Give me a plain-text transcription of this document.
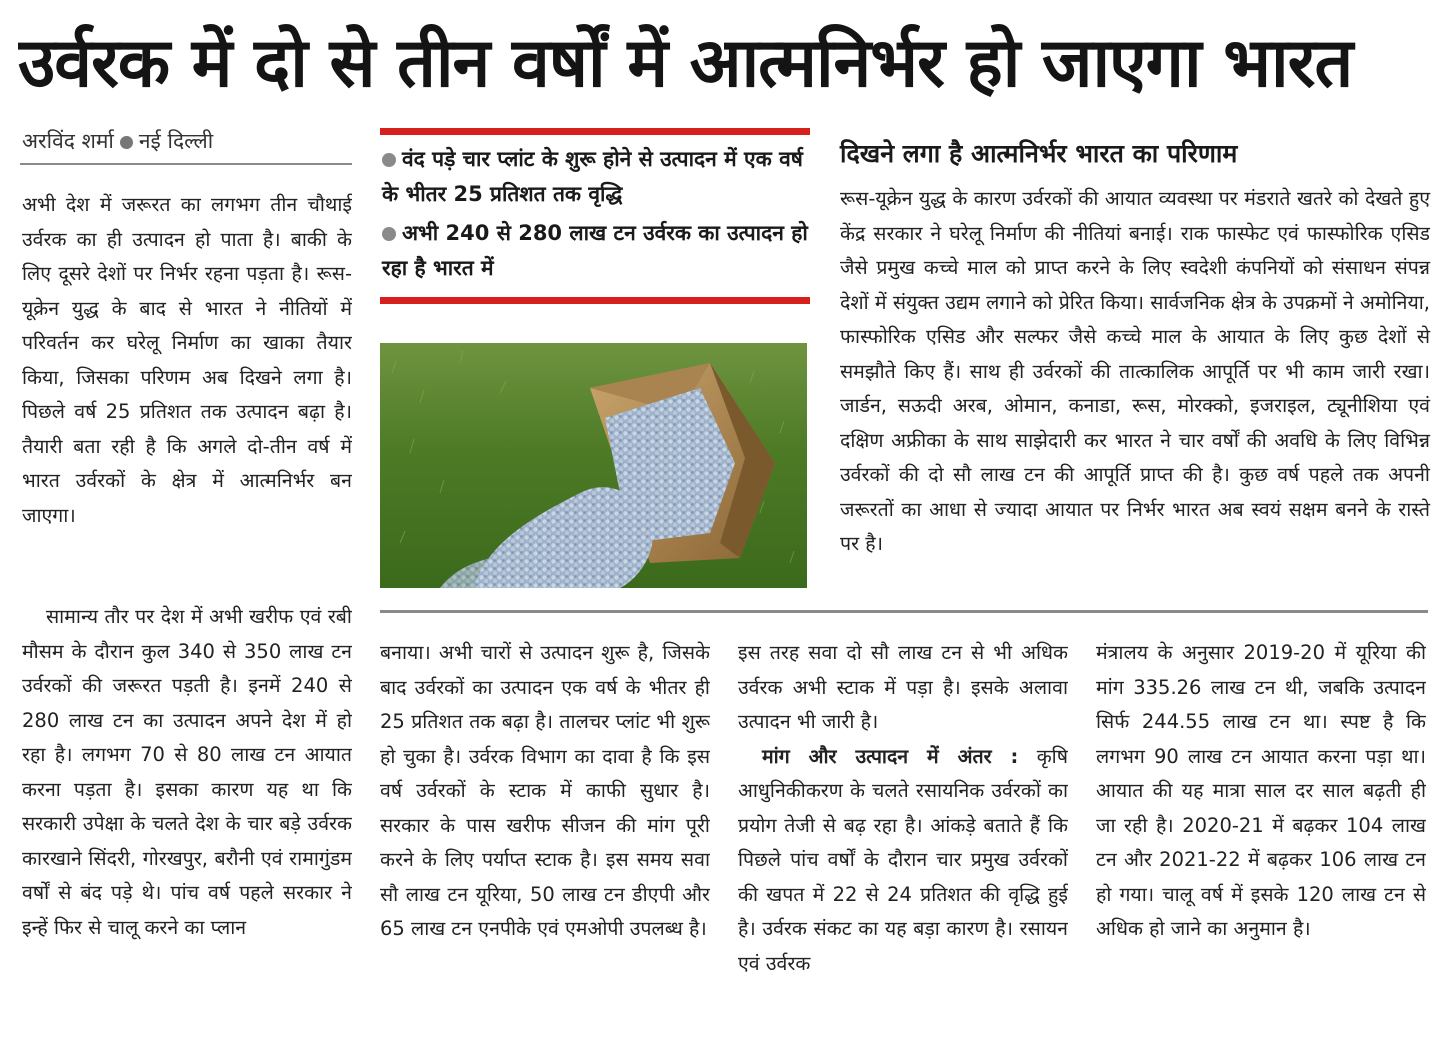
उर्वरक में दो से तीन वर्षों में आत्मनिर्भर हो जाएगा भारत
अरविंद शर्मा नई दिल्ली

अभी देश में जरूरत का लगभग तीन चौथाई उर्वरक का ही उत्पादन हो पाता है। बाकी के लिए दूसरे देशों पर निर्भर रहना पड़ता है। रूस-यूक्रेन युद्ध के बाद से भारत ने नीतियों में परिवर्तन कर घरेलू निर्माण का खाका तैयार किया, जिसका परिणम अब दिखने लगा है। पिछले वर्ष 25 प्रतिशत तक उत्पादन बढ़ा है। तैयारी बता रही है कि अगले दो-तीन वर्ष में भारत उर्वरकों के क्षेत्र में आत्मनिर्भर बन जाएगा।

सामान्य तौर पर देश में अभी खरीफ एवं रबी मौसम के दौरान कुल 340 से 350 लाख टन उर्वरकों की जरूरत पड़ती है। इनमें 240 से 280 लाख टन का उत्पादन अपने देश में हो रहा है। लगभग 70 से 80 लाख टन आयात करना पड़ता है। इसका कारण यह था कि सरकारी उपेक्षा के चलते देश के चार बड़े उर्वरक कारखाने सिंदरी, गोरखपुर, बरौनी एवं रामागुंडम वर्षों से बंद पड़े थे। पांच वर्ष पहले सरकार ने इन्हें फिर से चालू करने का प्लान

वंद पड़े चार प्लांट के शुरू होने से उत्पादन में एक वर्ष के भीतर 25 प्रतिशत तक वृद्धि
अभी 240 से 280 लाख टन उर्वरक का उत्पादन हो रहा है भारत में
दिखने लगा है आत्मनिर्भर भारत का परिणाम
रूस-यूक्रेन युद्ध के कारण उर्वरकों की आयात व्यवस्था पर मंडराते खतरे को देखते हुए केंद्र सरकार ने घरेलू निर्माण की नीतियां बनाई। राक फास्फेट एवं फास्फोरिक एसिड जैसे प्रमुख कच्चे माल को प्राप्त करने के लिए स्वदेशी कंपनियों को संसाधन संपन्न देशों में संयुक्त उद्यम लगाने को प्रेरित किया। सार्वजनिक क्षेत्र के उपक्रमों ने अमोनिया, फास्फोरिक एसिड और सल्फर जैसे कच्चे माल के आयात के लिए कुछ देशों से समझौते किए हैं। साथ ही उर्वरकों की तात्कालिक आपूर्ति पर भी काम जारी रखा। जार्डन, सऊदी अरब, ओमान, कनाडा, रूस, मोरक्को, इजराइल, ट्यूनीशिया एवं दक्षिण अफ्रीका के साथ साझेदारी कर भारत ने चार वर्षों की अवधि के लिए विभिन्न उर्वरकों की दो सौ लाख टन की आपूर्ति प्राप्त की है। कुछ वर्ष पहले तक अपनी जरूरतों का आधा से ज्यादा आयात पर निर्भर भारत अब स्वयं सक्षम बनने के रास्ते पर है।

बनाया। अभी चारों से उत्पादन शुरू है, जिसके बाद उर्वरकों का उत्पादन एक वर्ष के भीतर ही 25 प्रतिशत तक बढ़ा है। तालचर प्लांट भी शुरू हो चुका है। उर्वरक विभाग का दावा है कि इस वर्ष उर्वरकों के स्टाक में काफी सुधार है। सरकार के पास खरीफ सीजन की मांग पूरी करने के लिए पर्याप्त स्टाक है। इस समय सवा सौ लाख टन यूरिया, 50 लाख टन डीएपी और 65 लाख टन एनपीके एवं एमओपी उपलब्ध है।

इस तरह सवा दो सौ लाख टन से भी अधिक उर्वरक अभी स्टाक में पड़ा है। इसके अलावा उत्पादन भी जारी है।

मांग और उत्पादन में अंतर : कृषि आधुनिकीकरण के चलते रसायनिक उर्वरकों का प्रयोग तेजी से बढ़ रहा है। आंकड़े बताते हैं कि पिछले पांच वर्षों के दौरान चार प्रमुख उर्वरकों की खपत में 22 से 24 प्रतिशत की वृद्धि हुई है। उर्वरक संकट का यह बड़ा कारण है। रसायन एवं उर्वरक

मंत्रालय के अनुसार 2019-20 में यूरिया की मांग 335.26 लाख टन थी, जबकि उत्पादन सिर्फ 244.55 लाख टन था। स्पष्ट है कि लगभग 90 लाख टन आयात करना पड़ा था। आयात की यह मात्रा साल दर साल बढ़ती ही जा रही है। 2020-21 में बढ़कर 104 लाख टन और 2021-22 में बढ़कर 106 लाख टन हो गया। चालू वर्ष में इसके 120 लाख टन से अधिक हो जाने का अनुमान है।
